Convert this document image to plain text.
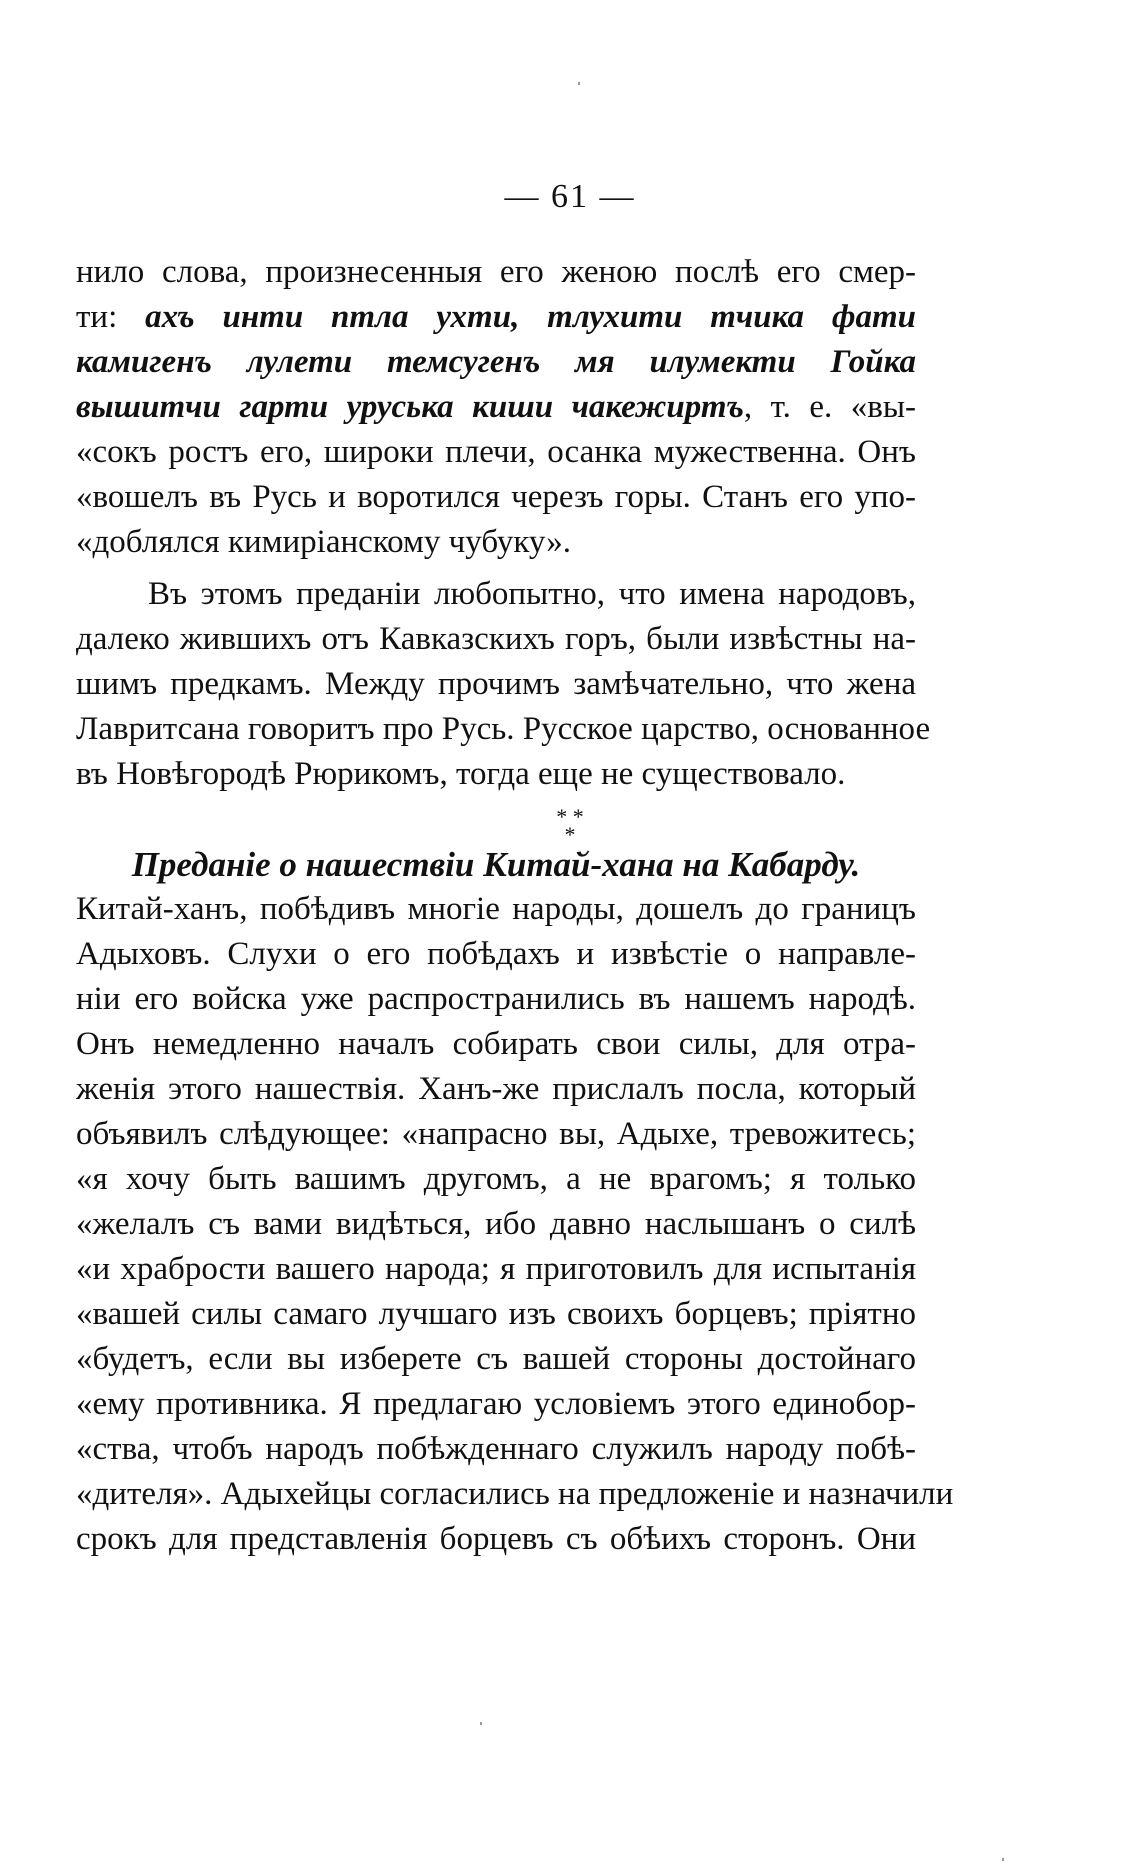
— 61 —
нило слова, произнесенныя его женою послѣ его смер-
ти: ахъ инти птла ухти, тлухити тчика фати
камигенъ лулети темсугенъ мя илумекти Гойка
вышитчи гарти уруська киши чакежиртъ, т. е. «вы-
«сокъ ростъ его, широки плечи, осанка мужественна. Онъ
«вошелъ въ Русь и воротился черезъ горы. Станъ его упо-
«доблялся кимиріанскому чубуку».
Въ этомъ преданіи любопытно, что имена народовъ,
далеко жившихъ отъ Кавказскихъ горъ, были извѣстны на-
шимъ предкамъ. Между прочимъ замѣчательно, что жена
Лавритсана говоритъ про Русь. Русское царство, основанное
въ Новѣгородѣ Рюрикомъ, тогда еще не существовало.
* *
*
Преданіе о нашествіи Китай-хана на Кабарду.
Китай-ханъ, побѣдивъ многіе народы, дошелъ до границъ
Адыховъ. Слухи о его побѣдахъ и извѣстіе о направле-
ніи его войска уже распространились въ нашемъ народѣ.
Онъ немедленно началъ собирать свои силы, для отра-
женія этого нашествія. Ханъ-же прислалъ посла, который
объявилъ слѣдующее: «напрасно вы, Адыхе, тревожитесь;
«я хочу быть вашимъ другомъ, а не врагомъ; я только
«желалъ съ вами видѣться, ибо давно наслышанъ о силѣ
«и храбрости вашего народа; я приготовилъ для испытанія
«вашей силы самаго лучшаго изъ своихъ борцевъ; пріятно
«будетъ, если вы изберете съ вашей стороны достойнаго
«ему противника. Я предлагаю условіемъ этого единобор-
«ства, чтобъ народъ побѣжденнаго служилъ народу побѣ-
«дителя». Адыхейцы согласились на предложеніе и назначили
срокъ для представленія борцевъ съ обѣихъ сторонъ. Они
